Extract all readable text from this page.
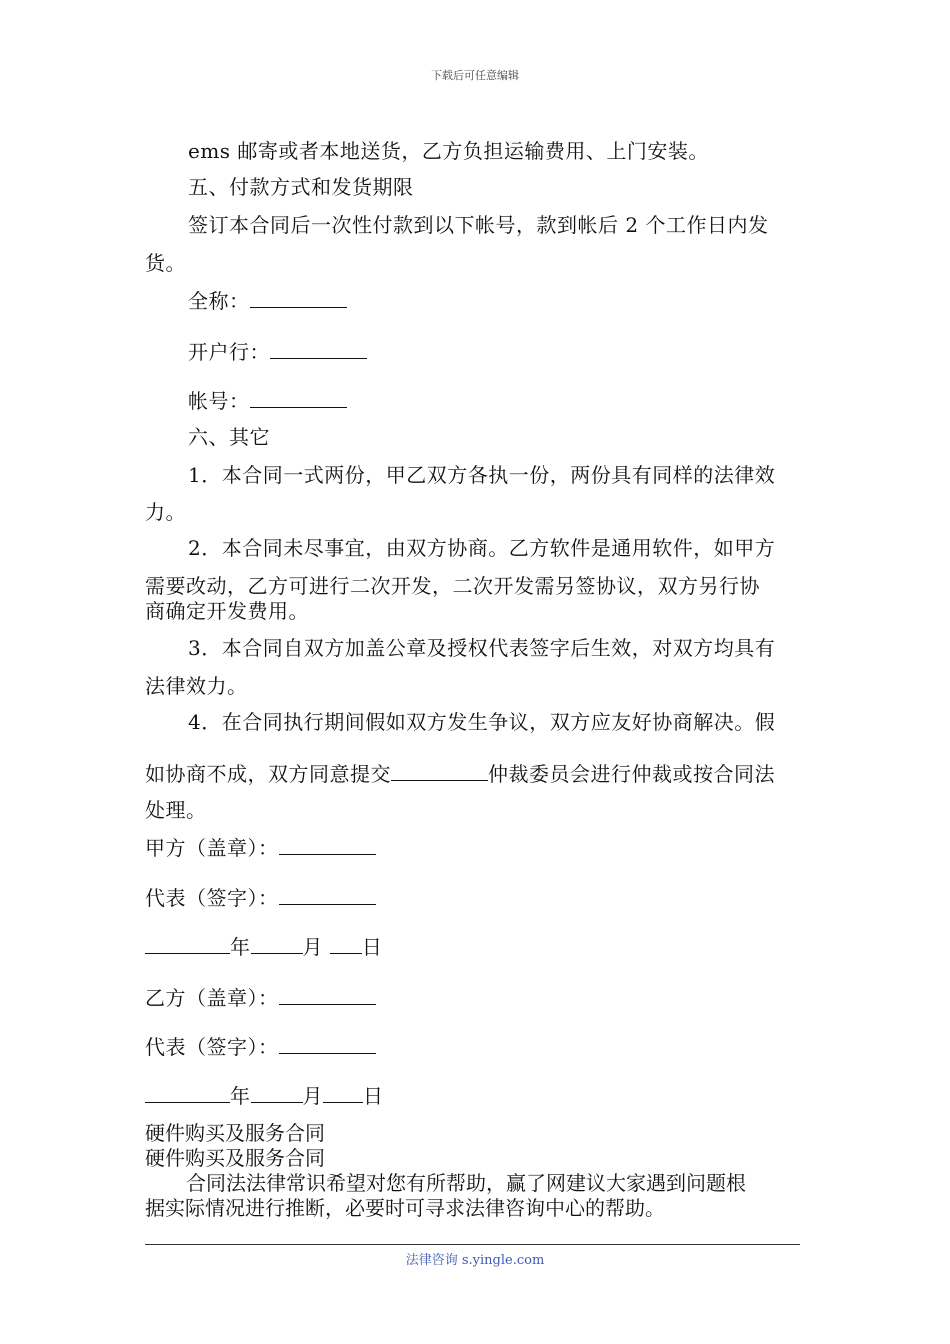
下载后可任意编辑
ems 邮寄或者本地送货，乙方负担运输费用、上门安装。
五、付款方式和发货期限
签订本合同后一次性付款到以下帐号，款到帐后 2 个工作日内发
货。
全称：
开户行：
帐号：
六、其它
1．本合同一式两份，甲乙双方各执一份，两份具有同样的法律效
力。
2．本合同未尽事宜，由双方协商。乙方软件是通用软件，如甲方
需要改动，乙方可进行二次开发，二次开发需另签协议，双方另行协
商确定开发费用。
3．本合同自双方加盖公章及授权代表签字后生效，对双方均具有
法律效力。
4．在合同执行期间假如双方发生争议，双方应友好协商解决。假
如协商不成，双方同意提交	仲裁委员会进行仲裁或按合同法
处理。
甲方（盖章）：
代表（签字）：
年	月 日
乙方（盖章）：
代表（签字）：
年	月 日
硬件购买及服务合同
硬件购买及服务合同
合同法法律常识希望对您有所帮助，赢了网建议大家遇到问题根
据实际情况进行推断，必要时可寻求法律咨询中心的帮助。
法律咨询 s.yingle.com
